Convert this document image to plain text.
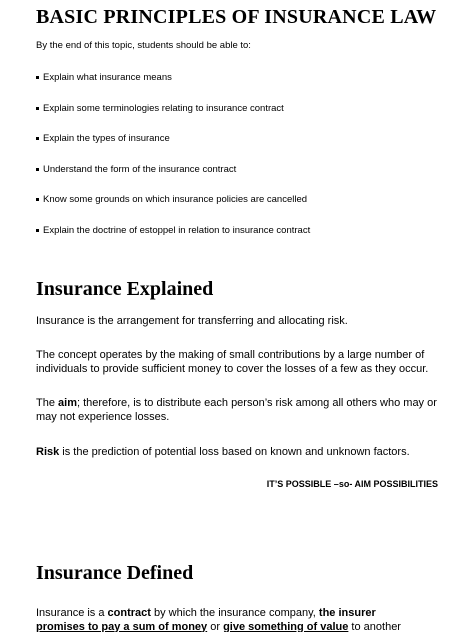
BASIC PRINCIPLES OF INSURANCE LAW
By the end of this topic, students should be able to:
Explain what insurance means
Explain some terminologies relating to insurance contract
Explain the types of insurance
Understand the form of the insurance contract
Know some grounds on which insurance policies are cancelled
Explain the doctrine of estoppel in relation to insurance contract
Insurance Explained
Insurance is the arrangement for transferring and allocating risk.
The concept operates by the making of small contributions by a large number of individuals to provide sufficient money to cover the losses of a few as they occur.
The aim; therefore, is to distribute each person’s risk among all others who may or may not experience losses.
Risk is the prediction of potential loss based on known and unknown factors.
IT’S POSSIBLE –so- AIM POSSIBILITIES
Insurance Defined
Insurance is a contract by which the insurance company, the insurer
promises to pay a sum of money or give something of value to another
